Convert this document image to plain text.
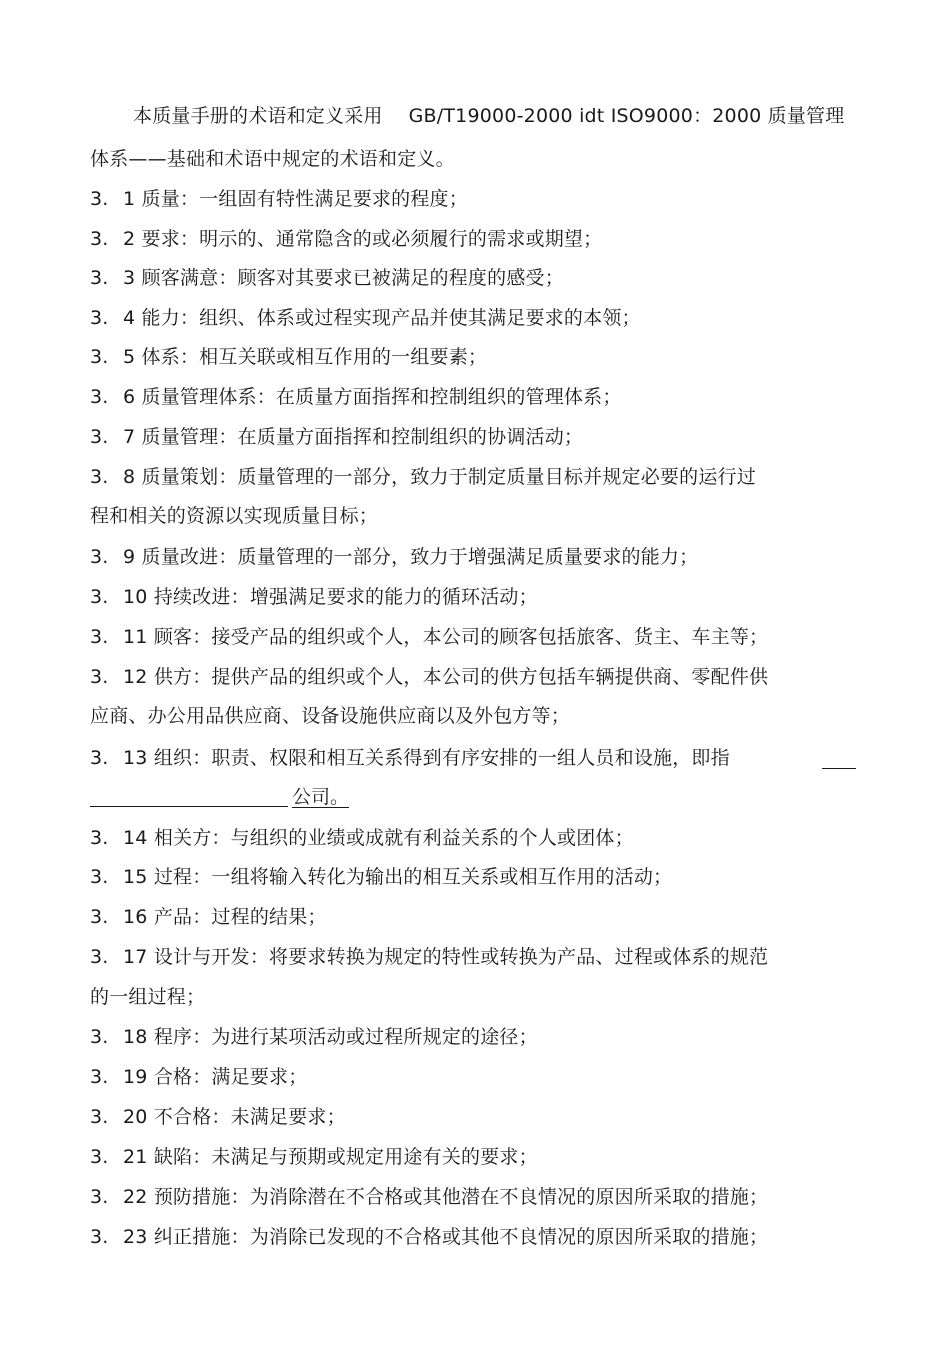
本质量手册的术语和定义采用 GB/T19000-2000 idt ISO9000：2000 质量管理
体系——基础和术语中规定的术语和定义。
3. 1 质量：一组固有特性满足要求的程度；
3. 2 要求：明示的、通常隐含的或必须履行的需求或期望；
3. 3 顾客满意：顾客对其要求已被满足的程度的感受；
3. 4 能力：组织、体系或过程实现产品并使其满足要求的本领；
3. 5 体系：相互关联或相互作用的一组要素；
3. 6 质量管理体系：在质量方面指挥和控制组织的管理体系；
3. 7 质量管理：在质量方面指挥和控制组织的协调活动；
3. 8 质量策划：质量管理的一部分，致力于制定质量目标并规定必要的运行过
程和相关的资源以实现质量目标；
3. 9 质量改进：质量管理的一部分，致力于增强满足质量要求的能力；
3. 10 持续改进：增强满足要求的能力的循环活动；
3. 11 顾客：接受产品的组织或个人，本公司的顾客包括旅客、货主、车主等；
3. 12 供方：提供产品的组织或个人，本公司的供方包括车辆提供商、零配件供
应商、办公用品供应商、设备设施供应商以及外包方等；
3. 13 组织：职责、权限和相互关系得到有序安排的一组人员和设施，即指
公司。
3. 14 相关方：与组织的业绩或成就有利益关系的个人或团体；
3. 15 过程：一组将输入转化为输出的相互关系或相互作用的活动；
3. 16 产品：过程的结果；
3. 17 设计与开发：将要求转换为规定的特性或转换为产品、过程或体系的规范
的一组过程；
3. 18 程序：为进行某项活动或过程所规定的途径；
3. 19 合格：满足要求；
3. 20 不合格：未满足要求；
3. 21 缺陷：未满足与预期或规定用途有关的要求；
3. 22 预防措施：为消除潜在不合格或其他潜在不良情况的原因所采取的措施；
3. 23 纠正措施：为消除已发现的不合格或其他不良情况的原因所采取的措施；
